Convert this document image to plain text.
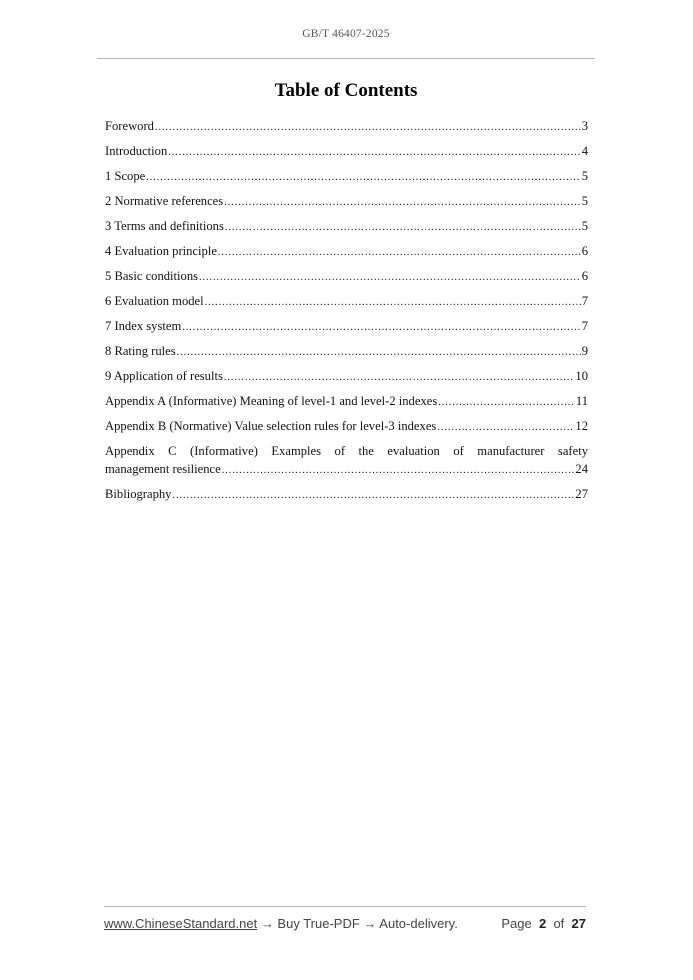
GB/T 46407-2025
Table of Contents
Foreword .....	3
Introduction .....	4
1 Scope .....	5
2 Normative references .....	5
3 Terms and definitions .....	5
4 Evaluation principle .....	6
5 Basic conditions .....	6
6 Evaluation model .....	7
7 Index system .....	7
8 Rating rules .....	9
9 Application of results .....	10
Appendix A (Informative) Meaning of level-1 and level-2 indexes .....	11
Appendix B (Normative) Value selection rules for level-3 indexes .....	12
Appendix C (Informative) Examples of the evaluation of manufacturer safety
management resilience .....	24
Bibliography .....	27
www.ChineseStandard.net → Buy True-PDF → Auto-delivery.	Page 2 of 27
